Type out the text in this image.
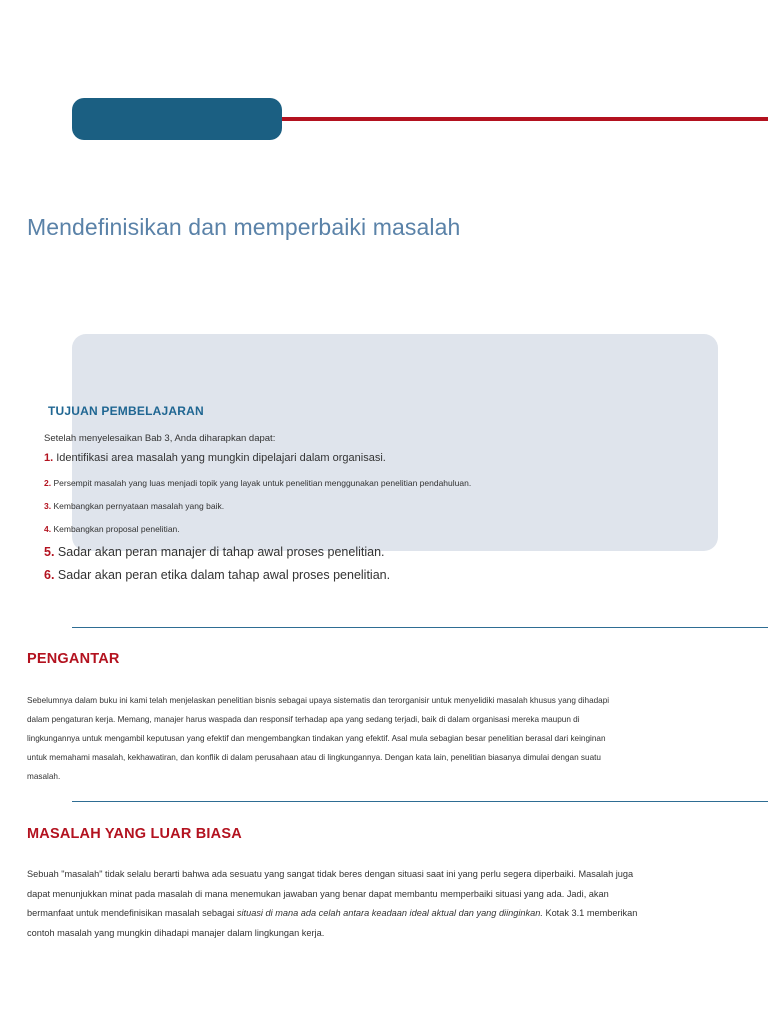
Mendefinisikan dan memperbaiki masalah
TUJUAN PEMBELAJARAN

Setelah menyelesaikan Bab 3, Anda diharapkan dapat:

1. Identifikasi area masalah yang mungkin dipelajari dalam organisasi.

2. Persempit masalah yang luas menjadi topik yang layak untuk penelitian menggunakan penelitian pendahuluan.

3. Kembangkan pernyataan masalah yang baik.

4. Kembangkan proposal penelitian.

5. Sadar akan peran manajer di tahap awal proses penelitian.

6. Sadar akan peran etika dalam tahap awal proses penelitian.

PENGANTAR
Sebelumnya dalam buku ini kami telah menjelaskan penelitian bisnis sebagai upaya sistematis dan terorganisir untuk menyelidiki masalah khusus yang dihadapi
dalam pengaturan kerja. Memang, manajer harus waspada dan responsif terhadap apa yang sedang terjadi, baik di dalam organisasi mereka maupun di
lingkungannya untuk mengambil keputusan yang efektif dan mengembangkan tindakan yang efektif. Asal mula sebagian besar penelitian berasal dari keinginan
untuk memahami masalah, kekhawatiran, dan konflik di dalam perusahaan atau di lingkungannya. Dengan kata lain, penelitian biasanya dimulai dengan suatu
masalah.
MASALAH YANG LUAR BIASA
Sebuah "masalah" tidak selalu berarti bahwa ada sesuatu yang sangat tidak beres dengan situasi saat ini yang perlu segera diperbaiki. Masalah juga
dapat menunjukkan minat pada masalah di mana menemukan jawaban yang benar dapat membantu memperbaiki situasi yang ada. Jadi, akan
bermanfaat untuk mendefinisikan masalah sebagai situasi di mana ada celah antara keadaan ideal aktual dan yang diinginkan. Kotak 3.1 memberikan
contoh masalah yang mungkin dihadapi manajer dalam lingkungan kerja.
